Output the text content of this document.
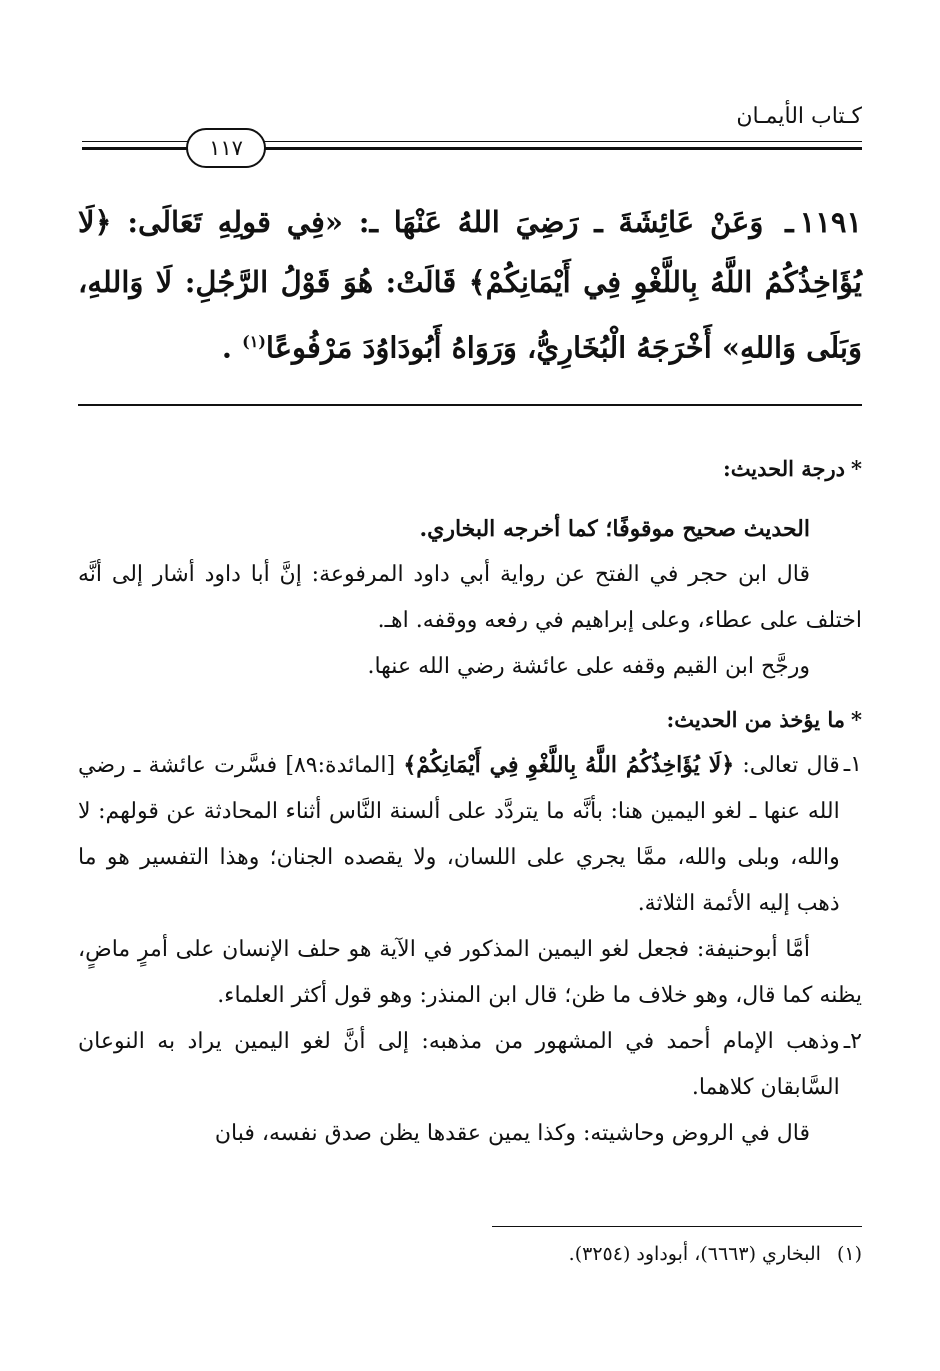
كـتاب الأيمـان
١١٧
١١٩١ـ وَعَنْ عَائِشَةَ ـ رَضِيَ اللهُ عَنْهَا ـ: «فِي قولِهِ تَعَالَى: ﴿لَا يُؤَاخِذُكُمُ اللَّهُ بِاللَّغْوِ فِي أَيْمَانِكُمْ﴾ قَالَتْ: هُوَ قَوْلُ الرَّجُلِ: لَا وَاللهِ، وَبَلَى وَاللهِ» أَخْرَجَهُ الْبُخَارِيُّ، وَرَوَاهُ أَبُودَاوُدَ مَرْفُوعًا$^{(١)}$ .
*درجة الحديث:
الحديث صحيح موقوفًا؛ كما أخرجه البخاري.
قال ابن حجر في الفتح عن رواية أبي داود المرفوعة: إنَّ أبا داود أشار إلى أنَّه اختلف على عطاء، وعلى إبراهيم في رفعه ووقفه. اهـ.
ورجَّح ابن القيم وقفه على عائشة رضي الله عنها.
*ما يؤخذ من الحديث:
١ـ
قال تعالى: ﴿لَا يُؤَاخِذُكُمُ اللَّهُ بِاللَّغْوِ فِي أَيْمَانِكُمْ﴾ [المائدة:٨٩] فسَّرت عائشة ـ رضي الله عنها ـ لغو اليمين هنا: بأنَّه ما يتردَّد على ألسنة النَّاس أثناء المحادثة عن قولهم: لا والله، وبلى والله، ممَّا يجري على اللسان، ولا يقصده الجنان؛ وهذا التفسير هو ما ذهب إليه الأئمة الثلاثة.
أمَّا أبوحنيفة: فجعل لغو اليمين المذكور في الآية هو حلف الإنسان على أمرٍ ماضٍ، يظنه كما قال، وهو خلاف ما ظن؛ قال ابن المنذر: وهو قول أكثر العلماء.
٢ـ
وذهب الإمام أحمد في المشهور من مذهبه: إلى أنَّ لغو اليمين يراد به النوعان السَّابقان كلاهما.
قال في الروض وحاشيته: وكذا يمين عقدها يظن صدق نفسه، فبان
(١)البخاري (٦٦٦٣)، أبوداود (٣٢٥٤).
